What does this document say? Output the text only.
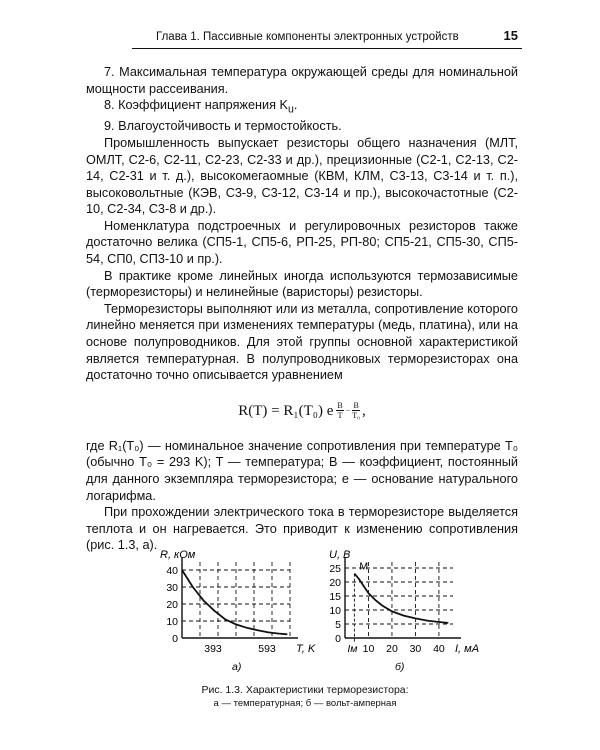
Глава 1. Пассивные компоненты электронных устройств	15

7. Максимальная температура окружающей среды для номинальной мощности рассеивания.

8. Коэффициент напряжения $K_u$.

9. Влагоустойчивость и термостойкость.

Промышленность выпускает резисторы общего назначения (МЛТ, ОМЛТ, С2-6, С2-11, С2-23, С2-33 и др.), прецизионные (С2-1, С2-13, С2-14, С2-31 и т. д.), высокомегаомные (КВМ, КЛМ, С3-13, С3-14 и т. п.), высоковольтные (КЭВ, С3-9, С3-12, С3-14 и пр.), высокочастотные (С2-10, С2-34, С3-8 и др.).

Номенклатура подстроечных и регулировочных резисторов также достаточно велика (СП5-1, СП5-6, РП-25, РП-80; СП5-21, СП5-30, СП5-54, СП0, СП3-10 и пр.).

В практике кроме линейных иногда используются термозависимые (терморезисторы) и нелинейные (варисторы) резисторы.

Терморезисторы выполняют или из металла, сопротивление которого линейно меняется при изменениях температуры (медь, платина), или на основе полупроводников. Для этой группы основной характеристикой является температурная. В полупроводниковых терморезисторах она достаточно точно описывается уравнением

R(T) = R₁(T₀) e $\frac{B}{T} - \frac{B}{\text{T₀}}$ ,

где R₁(T₀) — номинальное значение сопротивления при температуре T₀ (обычно T₀ = 293 K); T — температура; B — коэффициент, постоянный для данного экземпляра терморезистора; e — основание натурального логарифма.

При прохождении электрического тока в терморезисторе выделяется теплота и он нагревается. Это приводит к изменению сопротивления (рис. 1.3, а).

0
10
20
30
40
393	593
R, кОм
T, K
а)
0
5
10
15
20
25
Iм 10 20 30 40
U, B
I, мА
б)
M
Рис. 1.3. Характеристики терморезистора:
а — температурная; б — вольт-амперная
